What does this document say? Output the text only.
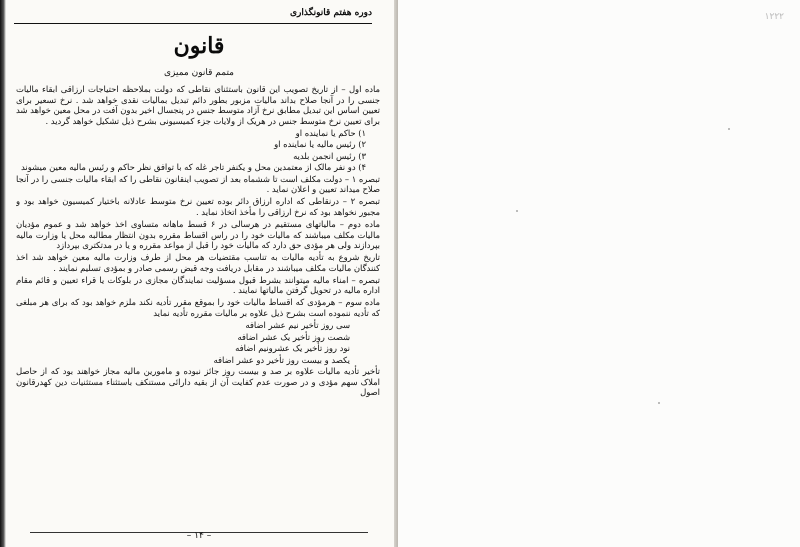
دوره هفتم قانونگذاری
قانون
متمم قانون ممیزی

ماده اول – از تاریخ تصویب این قانون باستثنای نقاطی که دولت بملاحظه احتیاجات ارزاقی ابقاء مالیات جنسی را در آنجا صلاح بداند مالیات مزبور بطور دائم تبدیل بمالیات نقدی خواهد شد . نرخ تسعیر برای تعیین اساس این تبدیل مطابق نرخ آزاد متوسط جنس در پنجسال اخیر بدون آفت در محل معین خواهد شد برای تعیین نرخ متوسط جنس در هریک از ولایات جزء کمیسیونی بشرح ذیل تشکیل خواهد گردید .

۱) حاکم یا نماینده او

۲) رئیس مالیه یا نماینده او

۳) رئیس انجمن بلدیه

۴) دو نفر مالک از معتمدین محل و یکنفر تاجر غله که با توافق نظر حاکم و رئیس مالیه معین میشوند

تبصره ۱ – دولت مکلف است تا ششماه بعد از تصویب اینقانون نقاطی را که ابقاء مالیات جنسی را در آنجا صلاح میداند تعیین و اعلان نماید .

تبصره ۲ – درنقاطی که اداره ارزاق دائر بوده تعیین نرخ متوسط عادلانه باختیار کمیسیون خواهد بود و مجبور نخواهد بود که نرخ ارزاقی را مأخذ اتخاذ نماید .

ماده دوم – مالیاتهای مستقیم در هرسالی در ۶ قسط ماهانه متساوی اخذ خواهد شد و عموم مؤدیان مالیات مکلف میباشند که مالیات خود را در راس اقساط مقرره بدون انتظار مطالبه محل یا وزارت مالیه بپردازند ولی هر مؤدی حق دارد که مالیات خود را قبل از مواعد مقرره و یا در مدتکتری بپردازد

تاریخ شروع به تأدیه مالیات به تناسب مقتضیات هر محل از طرف وزارت مالیه معین خواهد شد اخذ کنندگان مالیات مکلف میباشند در مقابل دریافت وجه قبض رسمی صادر و بمؤدی تسلیم نمایند .

تبصره – امناء مالیه میتوانند بشرط قبول مسؤلیت نمایندگان مجازی در بلوکات یا قراء تعیین و قائم مقام اداره مالیه در تحویل گرفتن مالیاتها نمایند .

ماده سوم – هرمؤدی که اقساط مالیات خود را بموقع مقرر تأدیه نکند ملزم خواهد بود که برای هر مبلغی که تأدیه ننموده است بشرح ذیل علاوه بر مالیات مقرره تأدیه نماید

سی روز تأخیر نیم عشر اضافه

شصت روز تأخیر یک عشر اضافه

نود روز تأخیر یک عشرونیم اضافه

یکصد و بیست روز تأخیر دو عشر اضافه

تأخیر تأدیه مالیات علاوه بر صد و بیست روز جائز نبوده و مامورین مالیه مجاز خواهند بود که از حاصل املاک سهم مؤدی و در صورت عدم کفایت آن از بقیه دارائی مستنکف باستثناء مستثنیات دین کهدرقانون اصول

– ۱۴ –
۱۲۲۲
